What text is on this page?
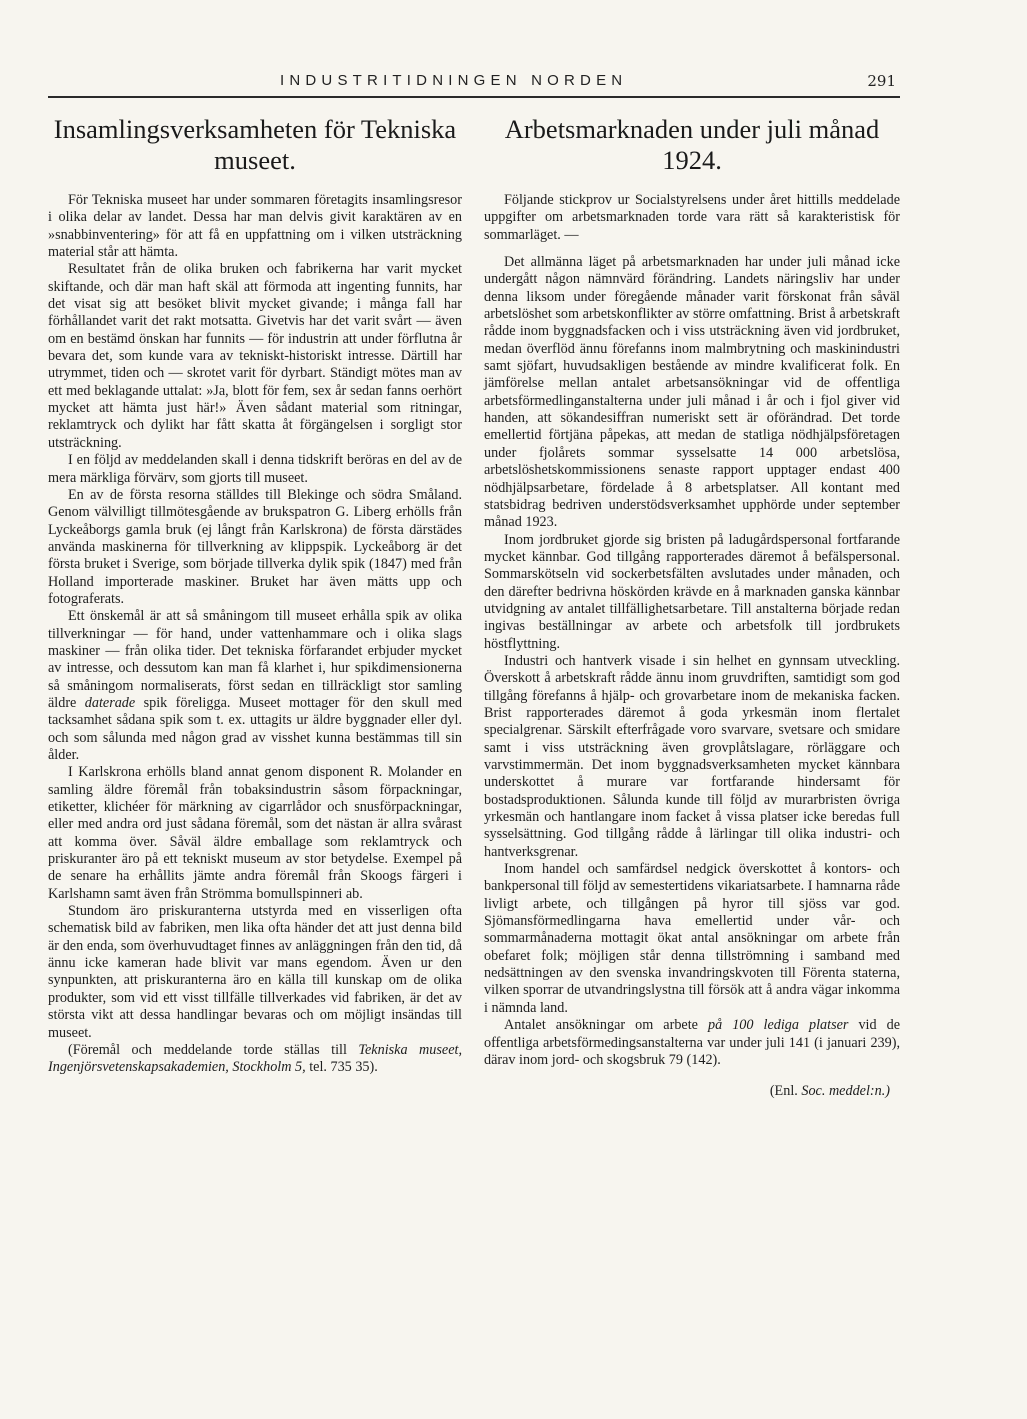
INDUSTRITIDNINGEN NORDEN	291
Insamlingsverksamheten för Tekniska museet.

För Tekniska museet har under sommaren företagits insamlingsresor i olika delar av landet. Dessa har man delvis givit karaktären av en »snabbinventering» för att få en uppfattning om i vilken utsträckning material står att hämta.

Resultatet från de olika bruken och fabrikerna har varit mycket skiftande, och där man haft skäl att förmoda att ingenting funnits, har det visat sig att besöket blivit mycket givande; i många fall har förhållandet varit det rakt motsatta. Givetvis har det varit svårt — även om en bestämd önskan har funnits — för industrin att under förflutna år bevara det, som kunde vara av tekniskt-historiskt intresse. Därtill har utrymmet, tiden och — skrotet varit för dyrbart. Ständigt mötes man av ett med beklagande uttalat: »Ja, blott för fem, sex år sedan fanns oerhört mycket att hämta just här!» Även sådant material som ritningar, reklamtryck och dylikt har fått skatta åt förgängelsen i sorgligt stor utsträckning.

I en följd av meddelanden skall i denna tidskrift beröras en del av de mera märkliga förvärv, som gjorts till museet.

En av de första resorna ställdes till Blekinge och södra Småland. Genom välvilligt tillmötesgående av brukspatron G. Liberg erhölls från Lyckeåborgs gamla bruk (ej långt från Karlskrona) de första därstädes använda maskinerna för tillverkning av klippspik. Lyckeåborg är det första bruket i Sverige, som började tillverka dylik spik (1847) med från Holland importerade maskiner. Bruket har även mätts upp och fotograferats.

Ett önskemål är att så småningom till museet erhålla spik av olika tillverkningar — för hand, under vattenhammare och i olika slags maskiner — från olika tider. Det tekniska förfarandet erbjuder mycket av intresse, och dessutom kan man få klarhet i, hur spikdimensionerna så småningom normaliserats, först sedan en tillräckligt stor samling äldre daterade spik föreligga. Museet mottager för den skull med tacksamhet sådana spik som t. ex. uttagits ur äldre byggnader eller dyl. och som sålunda med någon grad av visshet kunna bestämmas till sin ålder.

I Karlskrona erhölls bland annat genom disponent R. Molander en samling äldre föremål från tobaksindustrin såsom förpackningar, etiketter, klichéer för märkning av cigarrlådor och snusförpackningar, eller med andra ord just sådana föremål, som det nästan är allra svårast att komma över. Såväl äldre emballage som reklamtryck och priskuranter äro på ett tekniskt museum av stor betydelse. Exempel på de senare ha erhållits jämte andra föremål från Skoogs färgeri i Karlshamn samt även från Strömma bomullspinneri ab.

Stundom äro priskuranterna utstyrda med en visserligen ofta schematisk bild av fabriken, men lika ofta händer det att just denna bild är den enda, som överhuvudtaget finnes av anläggningen från den tid, då ännu icke kameran hade blivit var mans egendom. Även ur den synpunkten, att priskuranterna äro en källa till kunskap om de olika produkter, som vid ett visst tillfälle tillverkades vid fabriken, är det av största vikt att dessa handlingar bevaras och om möjligt insändas till museet.

(Föremål och meddelande torde ställas till Tekniska museet, Ingenjörsvetenskapsakademien, Stockholm 5, tel. 735 35).

Arbetsmarknaden under juli månad 1924.

Följande stickprov ur Socialstyrelsens under året hittills meddelade uppgifter om arbetsmarknaden torde vara rätt så karakteristisk för sommarläget. —

Det allmänna läget på arbetsmarknaden har under juli månad icke undergått någon nämnvärd förändring. Landets näringsliv har under denna liksom under föregående månader varit förskonat från såväl arbetslöshet som arbetskonflikter av större omfattning. Brist å arbetskraft rådde inom byggnadsfacken och i viss utsträckning även vid jordbruket, medan överflöd ännu förefanns inom malmbrytning och maskinindustri samt sjöfart, huvudsakligen bestående av mindre kvalificerat folk. En jämförelse mellan antalet arbetsansökningar vid de offentliga arbetsförmedlinganstalterna under juli månad i år och i fjol giver vid handen, att sökandesiffran numeriskt sett är oförändrad. Det torde emellertid förtjäna påpekas, att medan de statliga nödhjälpsföretagen under fjolårets sommar sysselsatte 14 000 arbetslösa, arbetslöshetskommissionens senaste rapport upptager endast 400 nödhjälpsarbetare, fördelade å 8 arbetsplatser. All kontant med statsbidrag bedriven understödsverksamhet upphörde under september månad 1923.

Inom jordbruket gjorde sig bristen på ladugårdspersonal fortfarande mycket kännbar. God tillgång rapporterades däremot å befälspersonal. Sommarskötseln vid sockerbetsfälten avslutades under månaden, och den därefter bedrivna höskörden krävde en å marknaden ganska kännbar utvidgning av antalet tillfällighetsarbetare. Till anstalterna började redan ingivas beställningar av arbete och arbetsfolk till jordbrukets höstflyttning.

Industri och hantverk visade i sin helhet en gynnsam utveckling. Överskott å arbetskraft rådde ännu inom gruvdriften, samtidigt som god tillgång förefanns å hjälp- och grovarbetare inom de mekaniska facken. Brist rapporterades däremot å goda yrkesmän inom flertalet specialgrenar. Särskilt efterfrågade voro svarvare, svetsare och smidare samt i viss utsträckning även grovplåtslagare, rörläggare och varvstimmermän. Det inom byggnadsverksamheten mycket kännbara underskottet å murare var fortfarande hindersamt för bostadsproduktionen. Sålunda kunde till följd av murarbristen övriga yrkesmän och hantlangare inom facket å vissa platser icke beredas full sysselsättning. God tillgång rådde å lärlingar till olika industri- och hantverksgrenar.

Inom handel och samfärdsel nedgick överskottet å kontors- och bankpersonal till följd av semestertidens vikariatsarbete. I hamnarna råde livligt arbete, och tillgången på hyror till sjöss var god. Sjömansförmedlingarna hava emellertid under vår- och sommarmånaderna mottagit ökat antal ansökningar om arbete från obefaret folk; möjligen står denna tillströmning i samband med nedsättningen av den svenska invandringskvoten till Förenta staterna, vilken sporrar de utvandringslystna till försök att å andra vägar inkomma i nämnda land.

Antalet ansökningar om arbete på 100 lediga platser vid de offentliga arbetsförmedingsanstalterna var under juli 141 (i januari 239), därav inom jord- och skogsbruk 79 (142).

(Enl. Soc. meddel:n.)
